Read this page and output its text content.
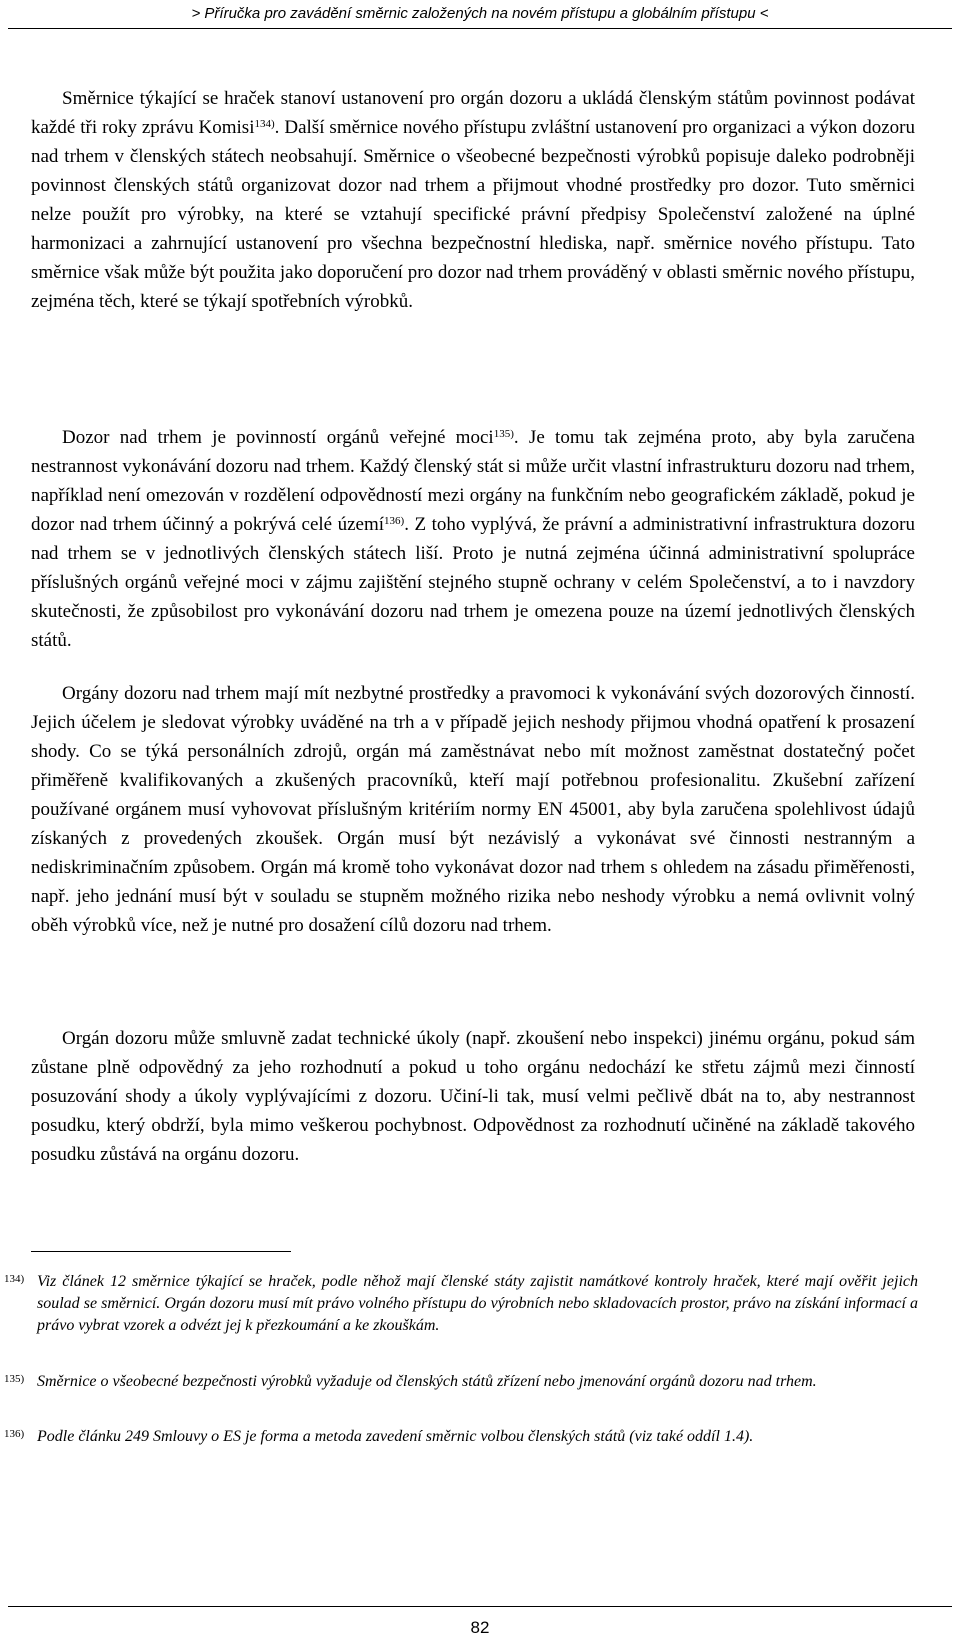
> Příručka pro zavádění směrnic založených na novém přístupu a globálním přístupu <

Směrnice týkající se hraček stanoví ustanovení pro orgán dozoru a ukládá členským státům povinnost podávat každé tři roky zprávu Komisi$^{134)}$. Další směrnice nového přístupu zvláštní ustanovení pro organizaci a výkon dozoru nad trhem v členských státech neobsahují. Směrnice o všeobecné bezpečnosti výrobků popisuje daleko podrobněji povinnost členských států organizovat dozor nad trhem a přijmout vhodné prostředky pro dozor. Tuto směrnici nelze použít pro výrobky, na které se vztahují specifické právní předpisy Společenství založené na úplné harmonizaci a zahrnující ustanovení pro všechna bezpečnostní hlediska, např. směrnice nového přístupu. Tato směrnice však může být použita jako doporučení pro dozor nad trhem prováděný v oblasti směrnic nového přístupu, zejména těch, které se týkají spotřebních výrobků.

Dozor nad trhem je povinností orgánů veřejné moci$^{135)}$. Je tomu tak zejména proto, aby byla zaručena nestrannost vykonávání dozoru nad trhem. Každý členský stát si může určit vlastní infrastrukturu dozoru nad trhem, například není omezován v rozdělení odpovědností mezi orgány na funkčním nebo geografickém základě, pokud je dozor nad trhem účinný a pokrývá celé území$^{136)}$. Z toho vyplývá, že právní a administrativní infrastruktura dozoru nad trhem se v jednotlivých členských státech liší. Proto je nutná zejména účinná administrativní spolupráce příslušných orgánů veřejné moci v zájmu zajištění stejného stupně ochrany v celém Společenství, a to i navzdory skutečnosti, že způsobilost pro vykonávání dozoru nad trhem je omezena pouze na území jednotlivých členských států.

Orgány dozoru nad trhem mají mít nezbytné prostředky a pravomoci k vykonávání svých dozorových činností. Jejich účelem je sledovat výrobky uváděné na trh a v případě jejich neshody přijmou vhodná opatření k prosazení shody. Co se týká personálních zdrojů, orgán má zaměstnávat nebo mít možnost zaměstnat dostatečný počet přiměřeně kvalifikovaných a zkušených pracovníků, kteří mají potřebnou profesionalitu. Zkušební zařízení používané orgánem musí vyhovovat příslušným kritériím normy EN 45001, aby byla zaručena spolehlivost údajů získaných z provedených zkoušek. Orgán musí být nezávislý a vykonávat své činnosti nestranným a nediskriminačním způsobem. Orgán má kromě toho vykonávat dozor nad trhem s ohledem na zásadu přiměřenosti, např. jeho jednání musí být v souladu se stupněm možného rizika nebo neshody výrobku a nemá ovlivnit volný oběh výrobků více, než je nutné pro dosažení cílů dozoru nad trhem.

Orgán dozoru může smluvně zadat technické úkoly (např. zkoušení nebo inspekci) jinému orgánu, pokud sám zůstane plně odpovědný za jeho rozhodnutí a pokud u toho orgánu nedochází ke střetu zájmů mezi činností posuzování shody a úkoly vyplývajícími z dozoru. Učiní-li tak, musí velmi pečlivě dbát na to, aby nestrannost posudku, který obdrží, byla mimo veškerou pochybnost. Odpovědnost za rozhodnutí učiněné na základě takového posudku zůstává na orgánu dozoru.

134) Viz článek 12 směrnice týkající se hraček, podle něhož mají členské státy zajistit namátkové kontroly hraček, které mají ověřit jejich soulad se směrnicí. Orgán dozoru musí mít právo volného přístupu do výrobních nebo skladovacích prostor, právo na získání informací a právo vybrat vzorek a odvézt jej k přezkoumání a ke zkouškám.
135) Směrnice o všeobecné bezpečnosti výrobků vyžaduje od členských států zřízení nebo jmenování orgánů dozoru nad trhem.
136) Podle článku 249 Smlouvy o ES je forma a metoda zavedení směrnic volbou členských států (viz také oddíl 1.4).
82
